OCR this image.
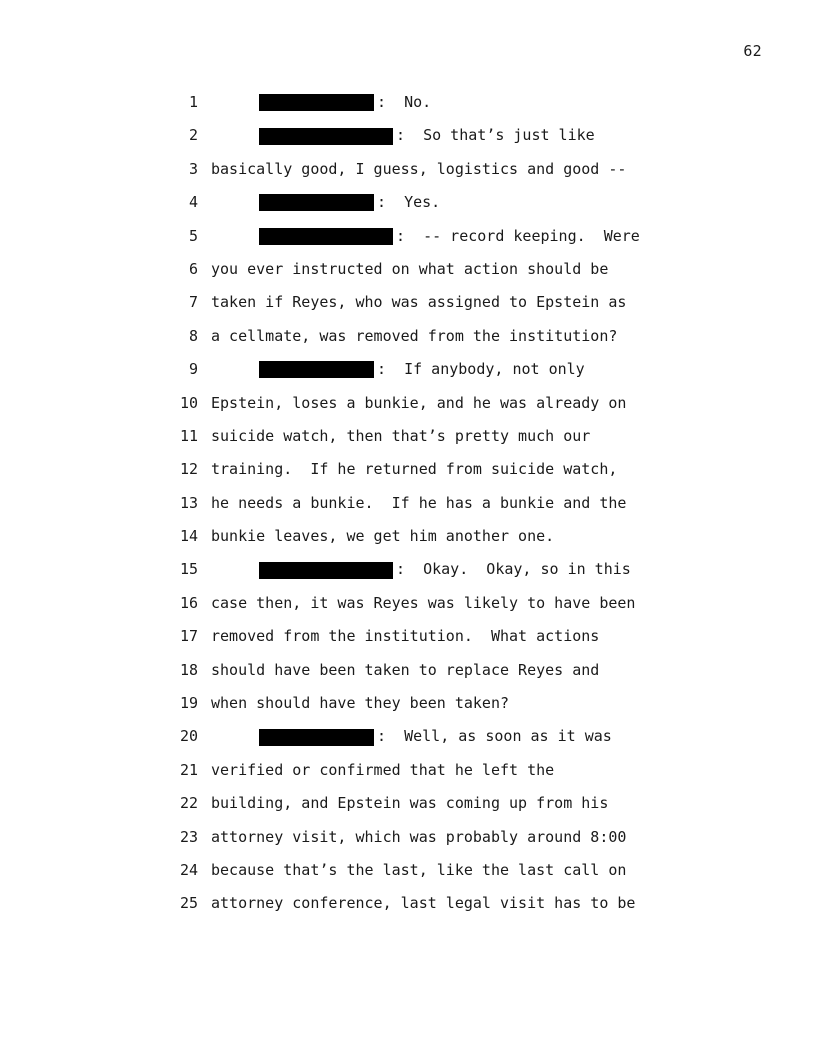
62
1	:  No.
2	:  So that’s just like
3 basically good, I guess, logistics and good --
4	:  Yes.
5	:  -- record keeping.  Were
6 you ever instructed on what action should be
7 taken if Reyes, who was assigned to Epstein as
8 a cellmate, was removed from the institution?
9	:  If anybody, not only
10 Epstein, loses a bunkie, and he was already on
11 suicide watch, then that’s pretty much our
12 training.  If he returned from suicide watch,
13 he needs a bunkie.  If he has a bunkie and the
14 bunkie leaves, we get him another one.
15	:  Okay.  Okay, so in this
16 case then, it was Reyes was likely to have been
17 removed from the institution.  What actions
18 should have been taken to replace Reyes and
19 when should have they been taken?
20	:  Well, as soon as it was
21 verified or confirmed that he left the
22 building, and Epstein was coming up from his
23 attorney visit, which was probably around 8:00
24 because that’s the last, like the last call on
25 attorney conference, last legal visit has to be
